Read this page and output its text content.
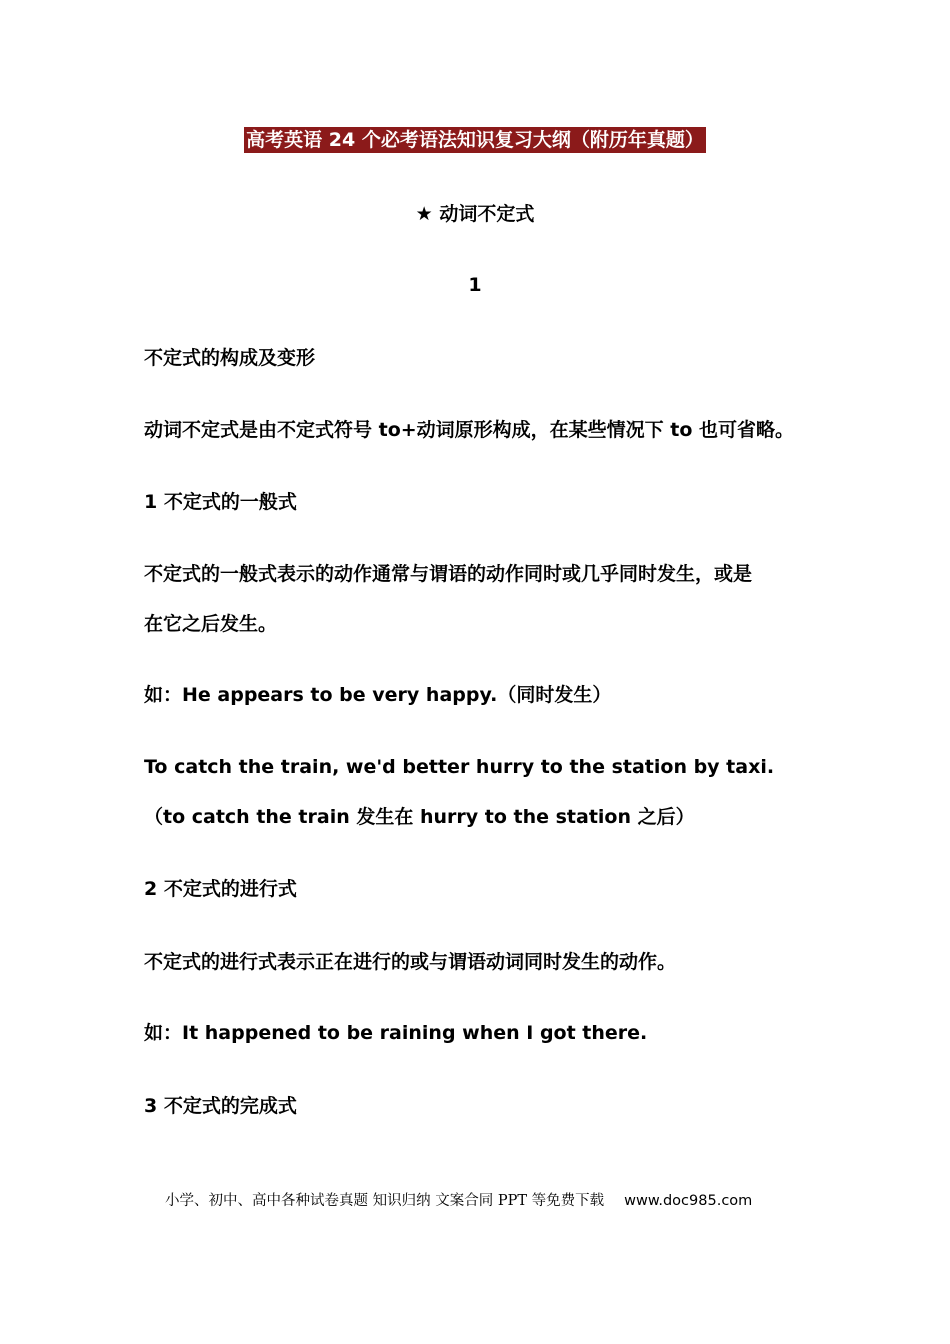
高考英语 24 个必考语法知识复习大纲（附历年真题）
★ 动词不定式
1
不定式的构成及变形
动词不定式是由不定式符号 to+动词原形构成，在某些情况下 to 也可省略。
1 不定式的一般式
不定式的一般式表示的动作通常与谓语的动作同时或几乎同时发生，或是
在它之后发生。
如：He appears to be very happy.（同时发生）
To catch the train, we'd better hurry to the station by taxi.
（to catch the train 发生在 hurry to the station 之后）
2 不定式的进行式
不定式的进行式表示正在进行的或与谓语动词同时发生的动作。
如：It happened to be raining when I got there.
3 不定式的完成式
小学、初中、高中各种试卷真题 知识归纳 文案合同 PPT 等免费下载 www.doc985.com
